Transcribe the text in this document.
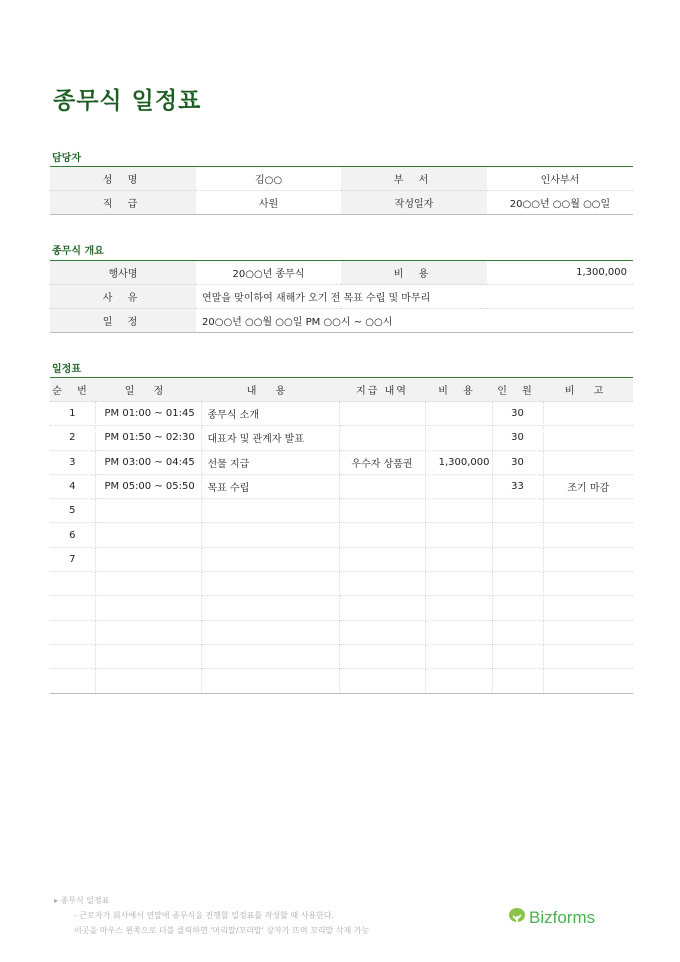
종무식 일정표
담당자
성 명	김○○	부 서	인사부서
직 급	사원	작성일자	20○○년 ○○월 ○○일
종무식 개요
행사명	20○○년 종무식	비 용	1,300,000
사 유	연말을 맞이하여 새해가 오기 전 목표 수립 및 마무리		
일 정	20○○년 ○○월 ○○일 PM ○○시 ~ ○○시		
일정표
순 번	일 정	내 용	지급 내역	비 용	인 원	비 고
1	PM 01:00 ~ 01:45	종무식 소개			30	
2	PM 01:50 ~ 02:30	대표자 및 관계자 발표			30	
3	PM 03:00 ~ 04:45	선물 지급	우수자 상품권	1,300,000	30	
4	PM 05:00 ~ 05:50	목표 수립			33	조기 마감
5						
6						
7						

▸ 종무식 일정표
- 근로자가 회사에서 연말에 종무식을 진행할 일정표를 작성할 때 사용한다.
이곳을 마우스 왼쪽으로 더블 클릭하면 '머리말/꼬리말' 상자가 뜨며 꼬리말 삭제 가능
Bizforms
